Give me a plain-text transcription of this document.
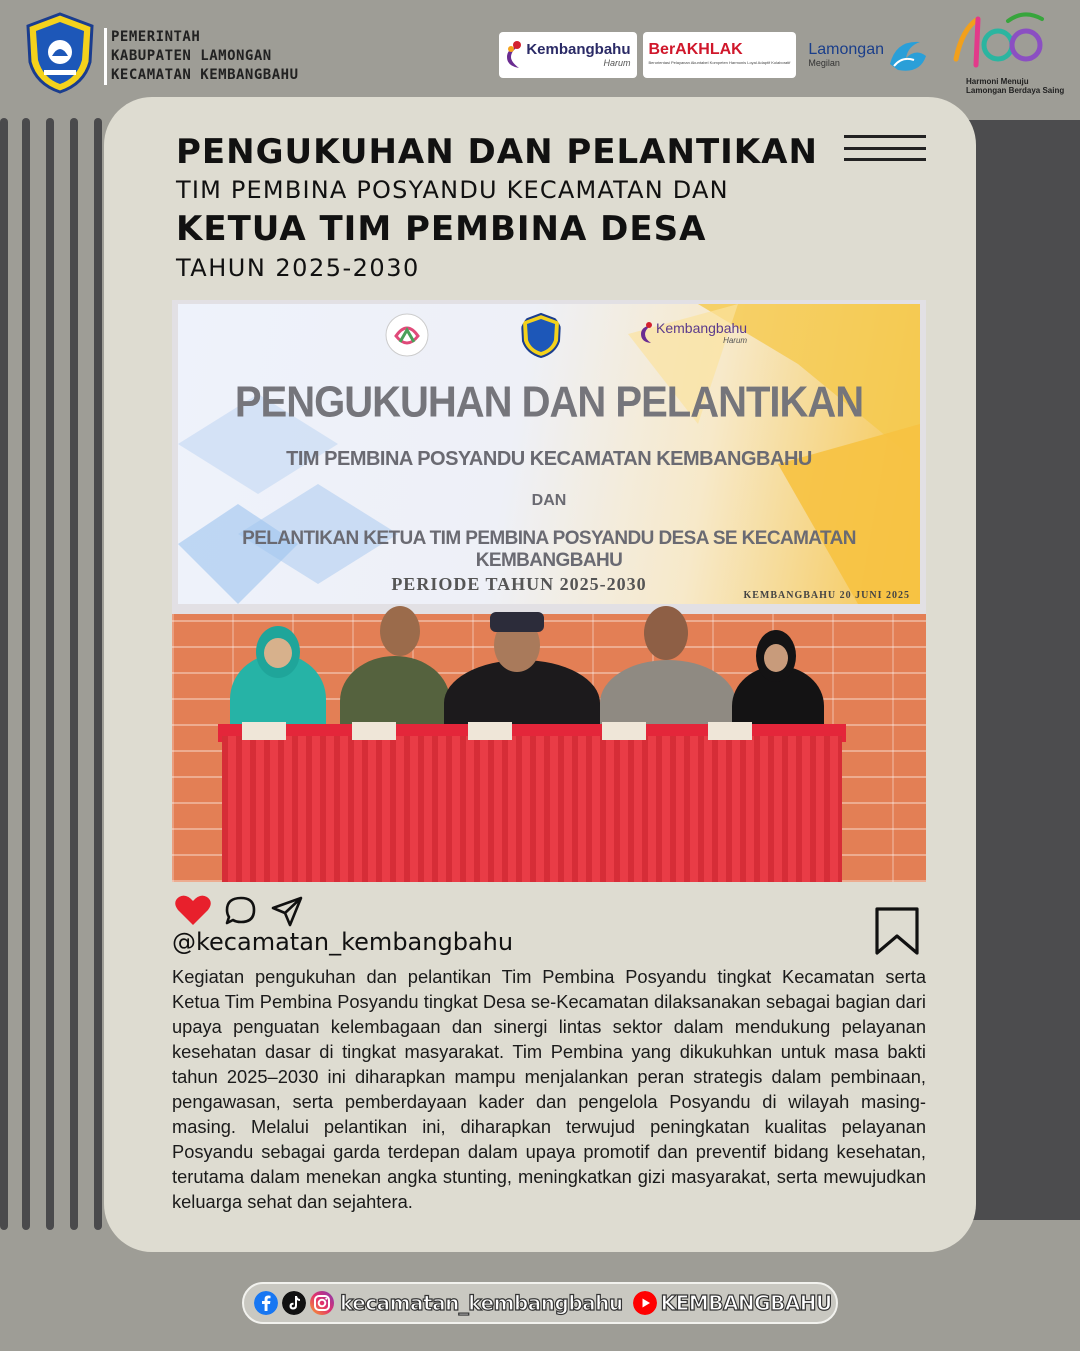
PEMERINTAH
KABUPATEN LAMONGAN
KECAMATAN KEMBANGBAHU
Kembangbahu
Harum
BerAKHLAK
Berorientasi Pelayanan Akuntabel Kompeten Harmonis Loyal Adaptif Kolaboratif
Lamongan
Megilan
Harmoni Menuju
Lamongan Berdaya Saing
PENGUKUHAN DAN PELANTIKAN
TIM PEMBINA POSYANDU KECAMATAN DAN
KETUA TIM PEMBINA DESA
TAHUN 2025-2030
Kembangbahu
Harum
PENGUKUHAN DAN PELANTIKAN
TIM PEMBINA POSYANDU KECAMATAN KEMBANGBAHU
DAN
PELANTIKAN KETUA TIM PEMBINA POSYANDU DESA SE KECAMATAN KEMBANGBAHU
PERIODE TAHUN 2025-2030
KEMBANGBAHU 20 JUNI 2025
@kecamatan_kembangbahu
Kegiatan pengukuhan dan pelantikan Tim Pembina Posyandu tingkat Kecamatan serta Ketua Tim Pembina Posyandu tingkat Desa se-Kecamatan dilaksanakan sebagai bagian dari upaya penguatan kelembagaan dan sinergi lintas sektor dalam mendukung pelayanan kesehatan dasar di tingkat masyarakat. Tim Pembina yang dikukuhkan untuk masa bakti tahun 2025–2030 ini diharapkan mampu menjalankan peran strategis dalam pembinaan, pengawasan, serta pemberdayaan kader dan pengelola Posyandu di wilayah masing-masing. Melalui pelantikan ini, diharapkan terwujud peningkatan kualitas pelayanan Posyandu sebagai garda terdepan dalam upaya promotif dan preventif bidang kesehatan, terutama dalam menekan angka stunting, meningkatkan gizi masyarakat, serta mewujudkan keluarga sehat dan sejahtera.
kecamatan_kembangbahu KEMBANGBAHU
